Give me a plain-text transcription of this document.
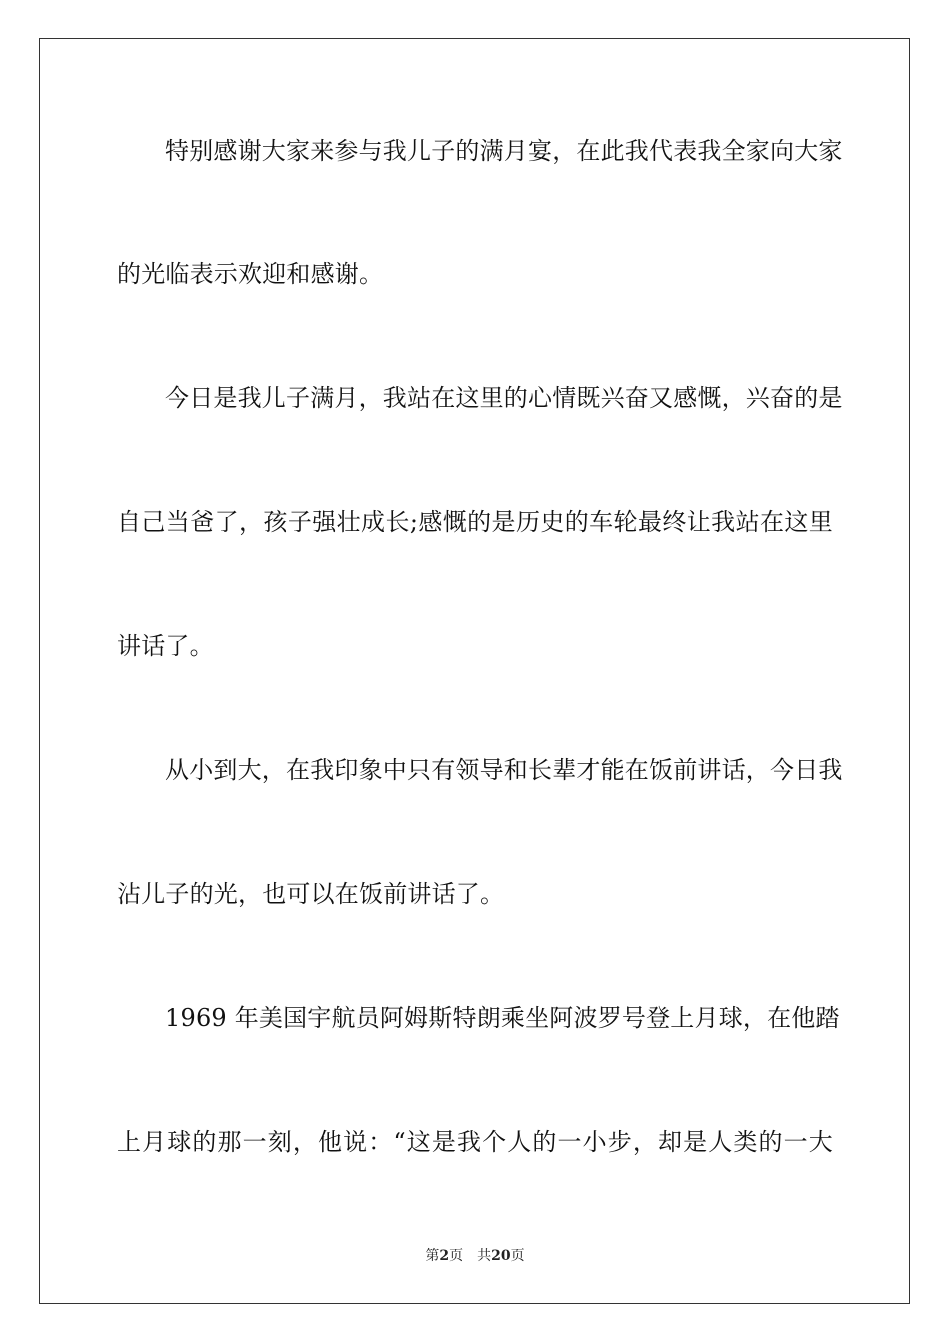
特别感谢大家来参与我儿子的满月宴，在此我代表我全家向大家
的光临表示欢迎和感谢。
今日是我儿子满月，我站在这里的心情既兴奋又感慨，兴奋的是
自己当爸了，孩子强壮成长;感慨的是历史的车轮最终让我站在这里
讲话了。
从小到大，在我印象中只有领导和长辈才能在饭前讲话，今日我
沾儿子的光，也可以在饭前讲话了。
1969 年美国宇航员阿姆斯特朗乘坐阿波罗号登上月球，在他踏
上月球的那一刻，他说：“这是我个人的一小步，却是人类的一大
第2页 共20页
